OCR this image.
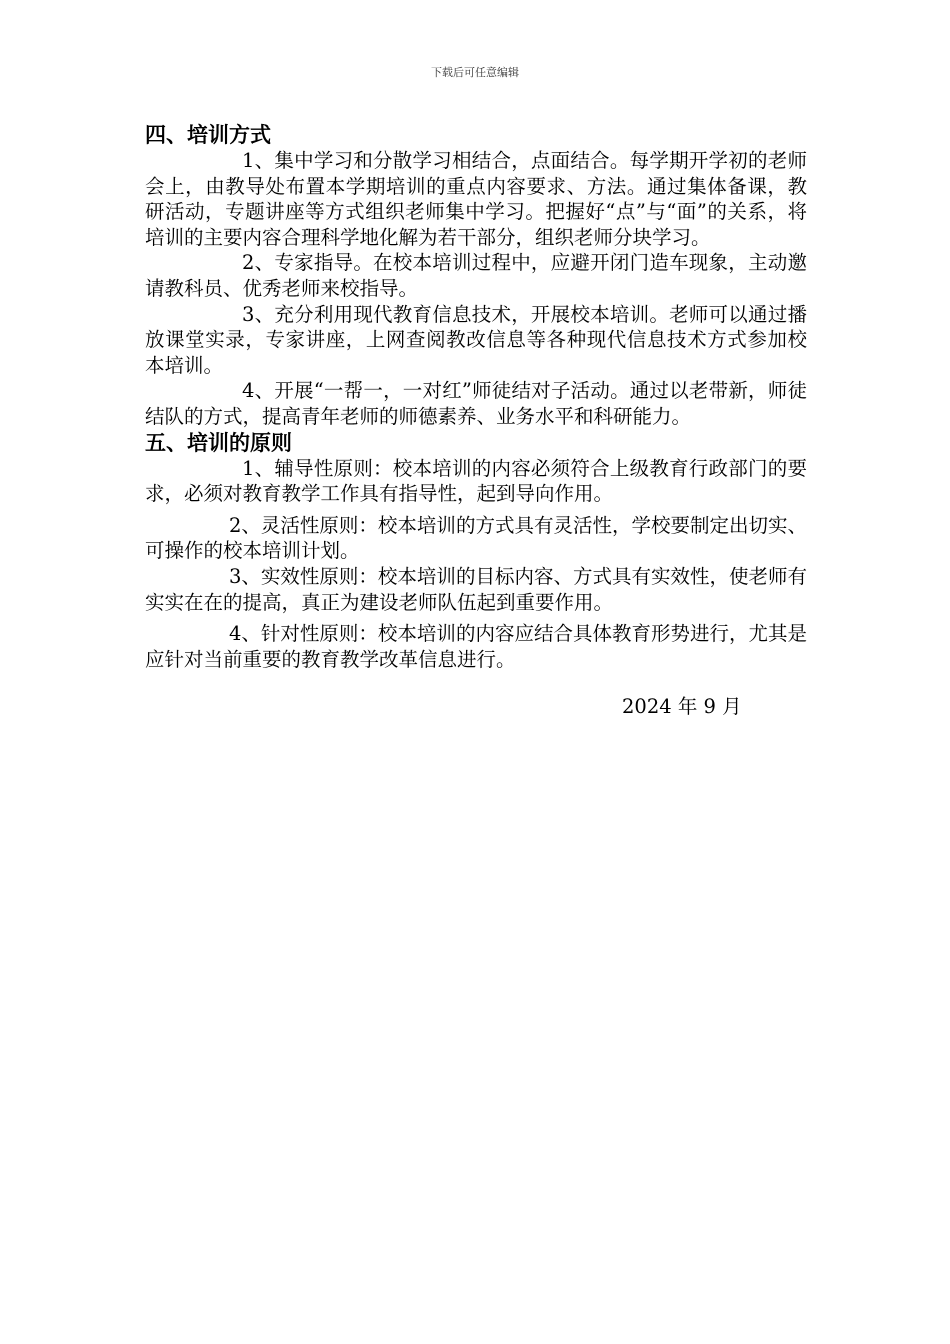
下载后可任意编辑
四、培训方式

1、集中学习和分散学习相结合，点面结合。每学期开学初的老师会上，由教导处布置本学期培训的重点内容要求、方法。通过集体备课，教研活动，专题讲座等方式组织老师集中学习。把握好“点”与“面”的关系，将培训的主要内容合理科学地化解为若干部分，组织老师分块学习。

2、专家指导。在校本培训过程中，应避开闭门造车现象，主动邀请教科员、优秀老师来校指导。

3、充分利用现代教育信息技术，开展校本培训。老师可以通过播放课堂实录，专家讲座，上网查阅教改信息等各种现代信息技术方式参加校本培训。

4、开展“一帮一，一对红”师徒结对子活动。通过以老带新，师徒结队的方式，提高青年老师的师德素养、业务水平和科研能力。

五、培训的原则

1、辅导性原则：校本培训的内容必须符合上级教育行政部门的要求，必须对教育教学工作具有指导性，起到导向作用。

2、灵活性原则：校本培训的方式具有灵活性，学校要制定出切实、可操作的校本培训计划。

3、实效性原则：校本培训的目标内容、方式具有实效性，使老师有实实在在的提高，真正为建设老师队伍起到重要作用。

4、针对性原则：校本培训的内容应结合具体教育形势进行，尤其是应针对当前重要的教育教学改革信息进行。

2024 年 9 月
